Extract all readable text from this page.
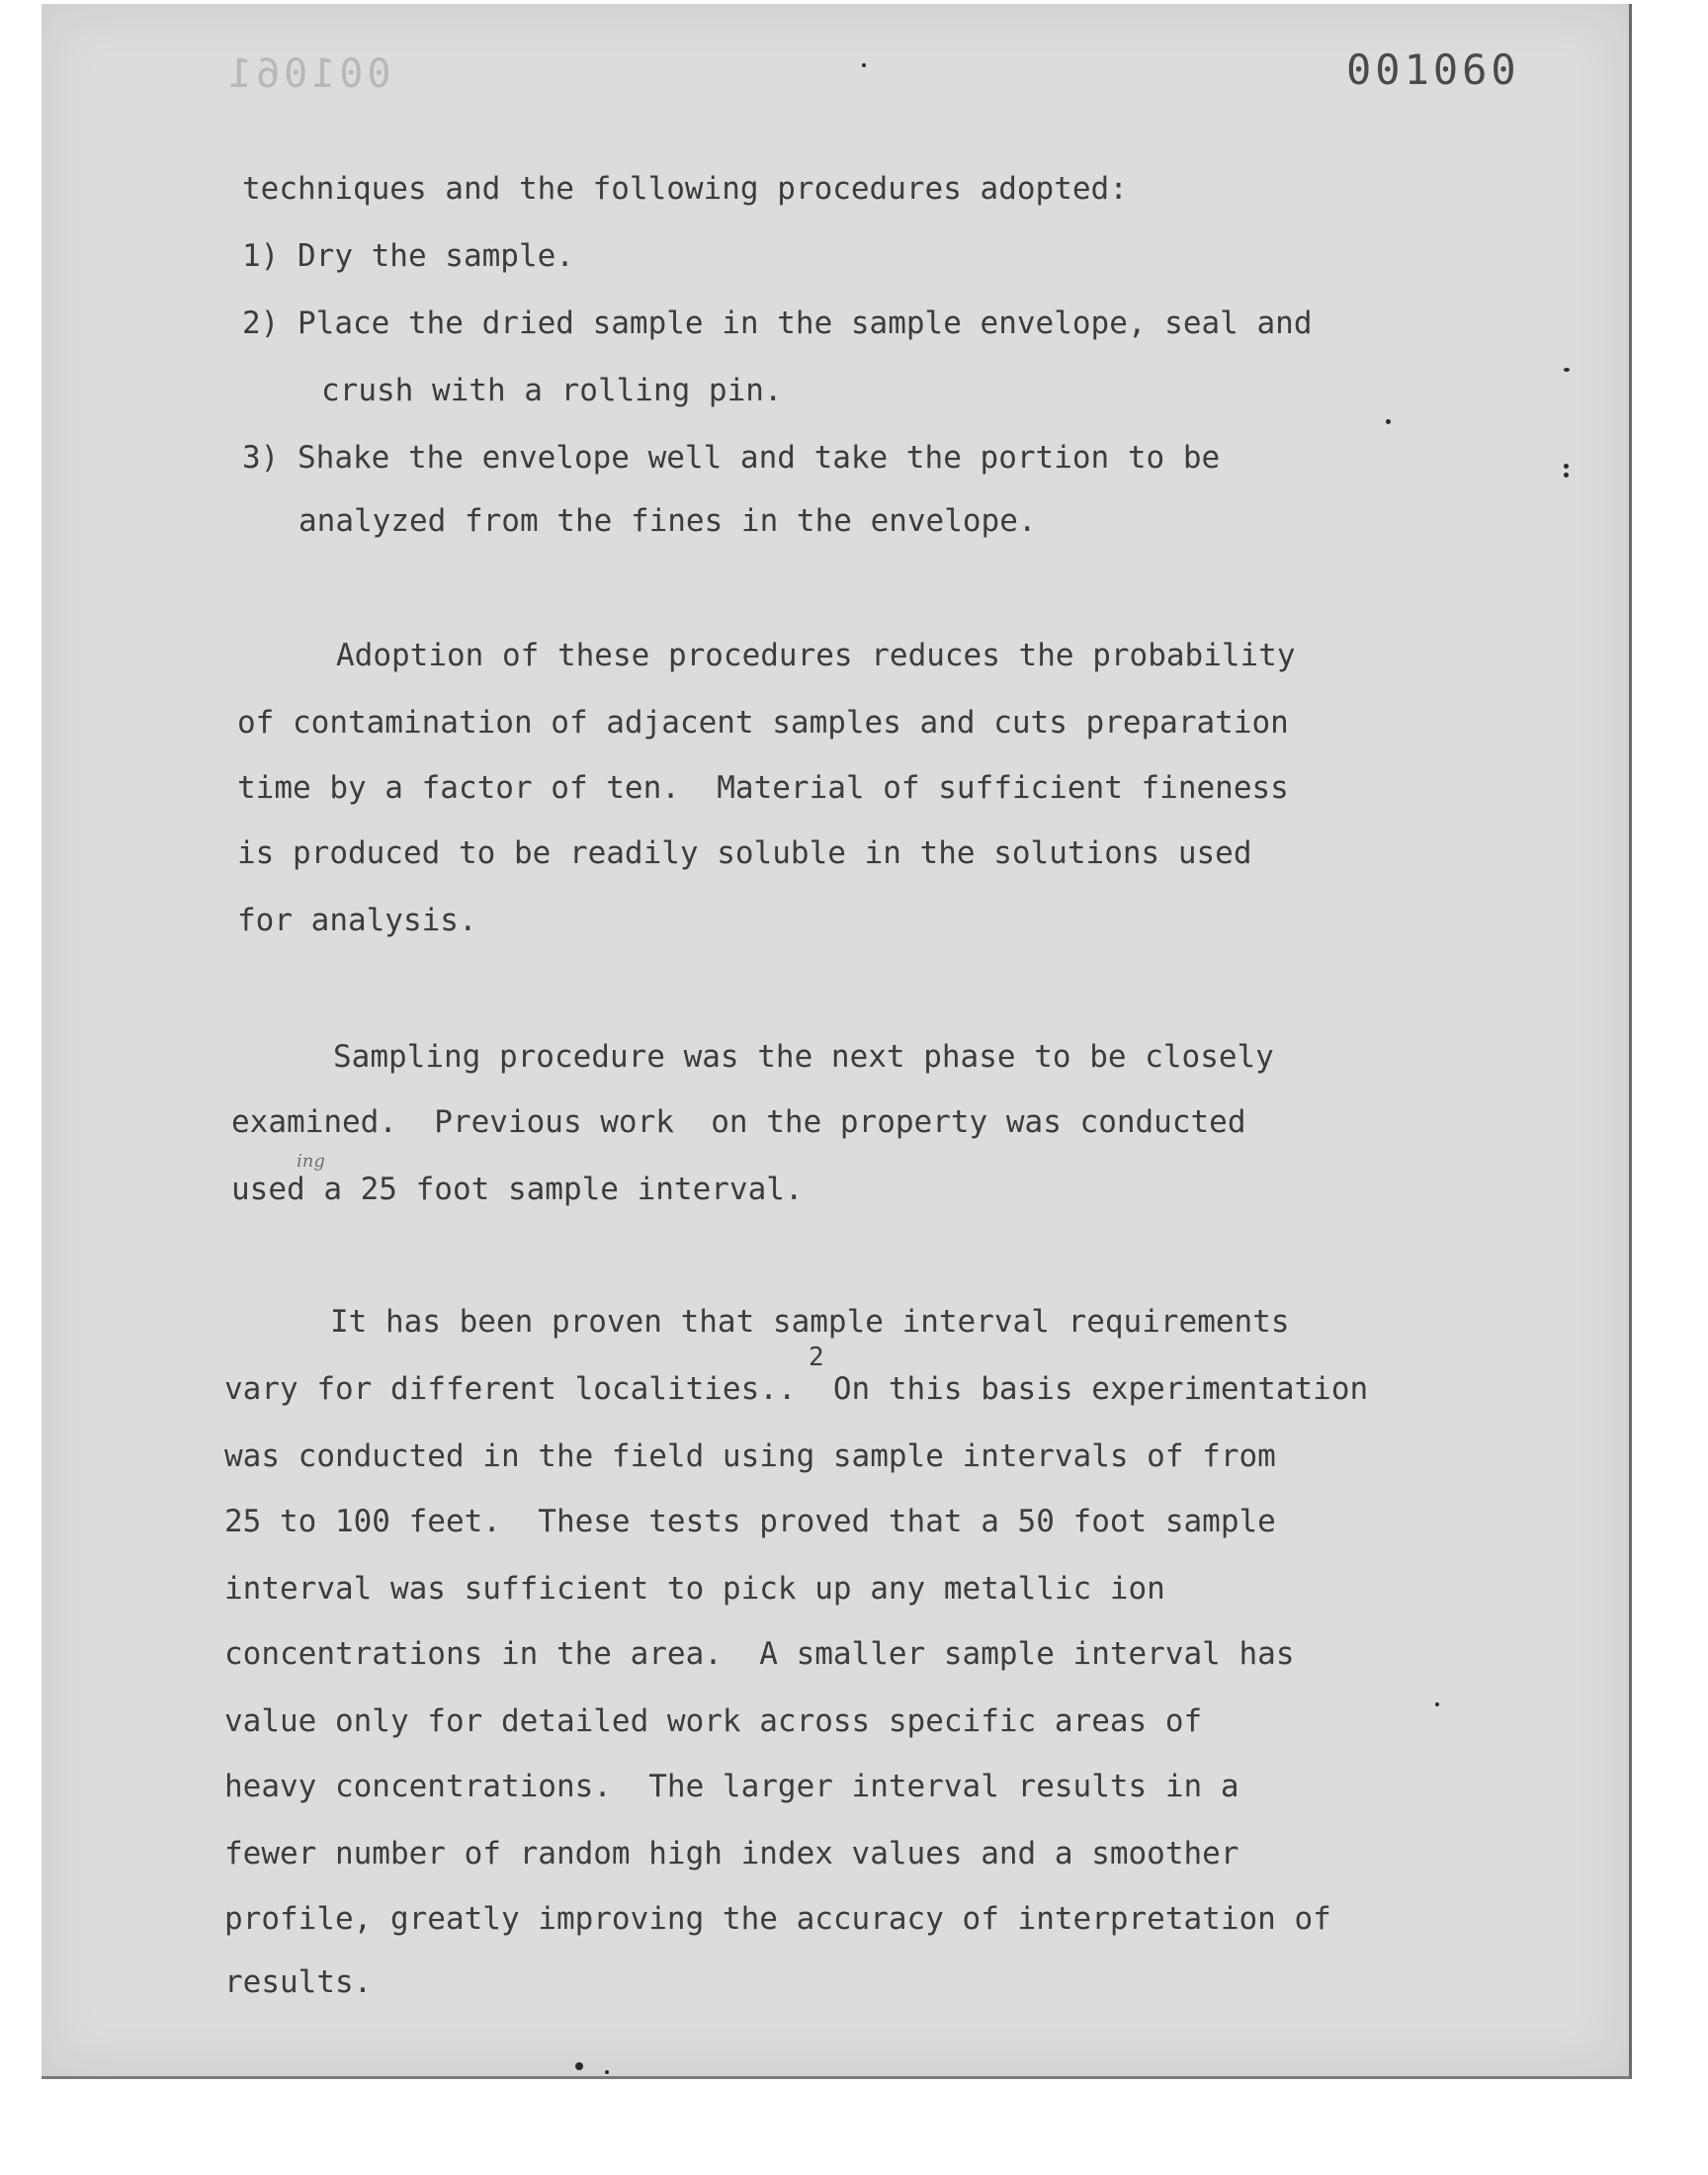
001061	001060
techniques and the following procedures adopted:
1) Dry the sample.
2) Place the dried sample in the sample envelope, seal and
crush with a rolling pin.
3) Shake the envelope well and take the portion to be
analyzed from the fines in the envelope.
Adoption of these procedures reduces the probability
of contamination of adjacent samples and cuts preparation
time by a factor of ten.  Material of sufficient fineness
is produced to be readily soluble in the solutions used
for analysis.
Sampling procedure was the next phase to be closely
examined.  Previous work  on the property was conducted
ing
used a 25 foot sample interval.
It has been proven that sample interval requirements
2
vary for different localities..  On this basis experimentation
was conducted in the field using sample intervals of from
25 to 100 feet.  These tests proved that a 50 foot sample
interval was sufficient to pick up any metallic ion
concentrations in the area.  A smaller sample interval has
value only for detailed work across specific areas of
heavy concentrations.  The larger interval results in a
fewer number of random high index values and a smoother
profile, greatly improving the accuracy of interpretation of
results.
